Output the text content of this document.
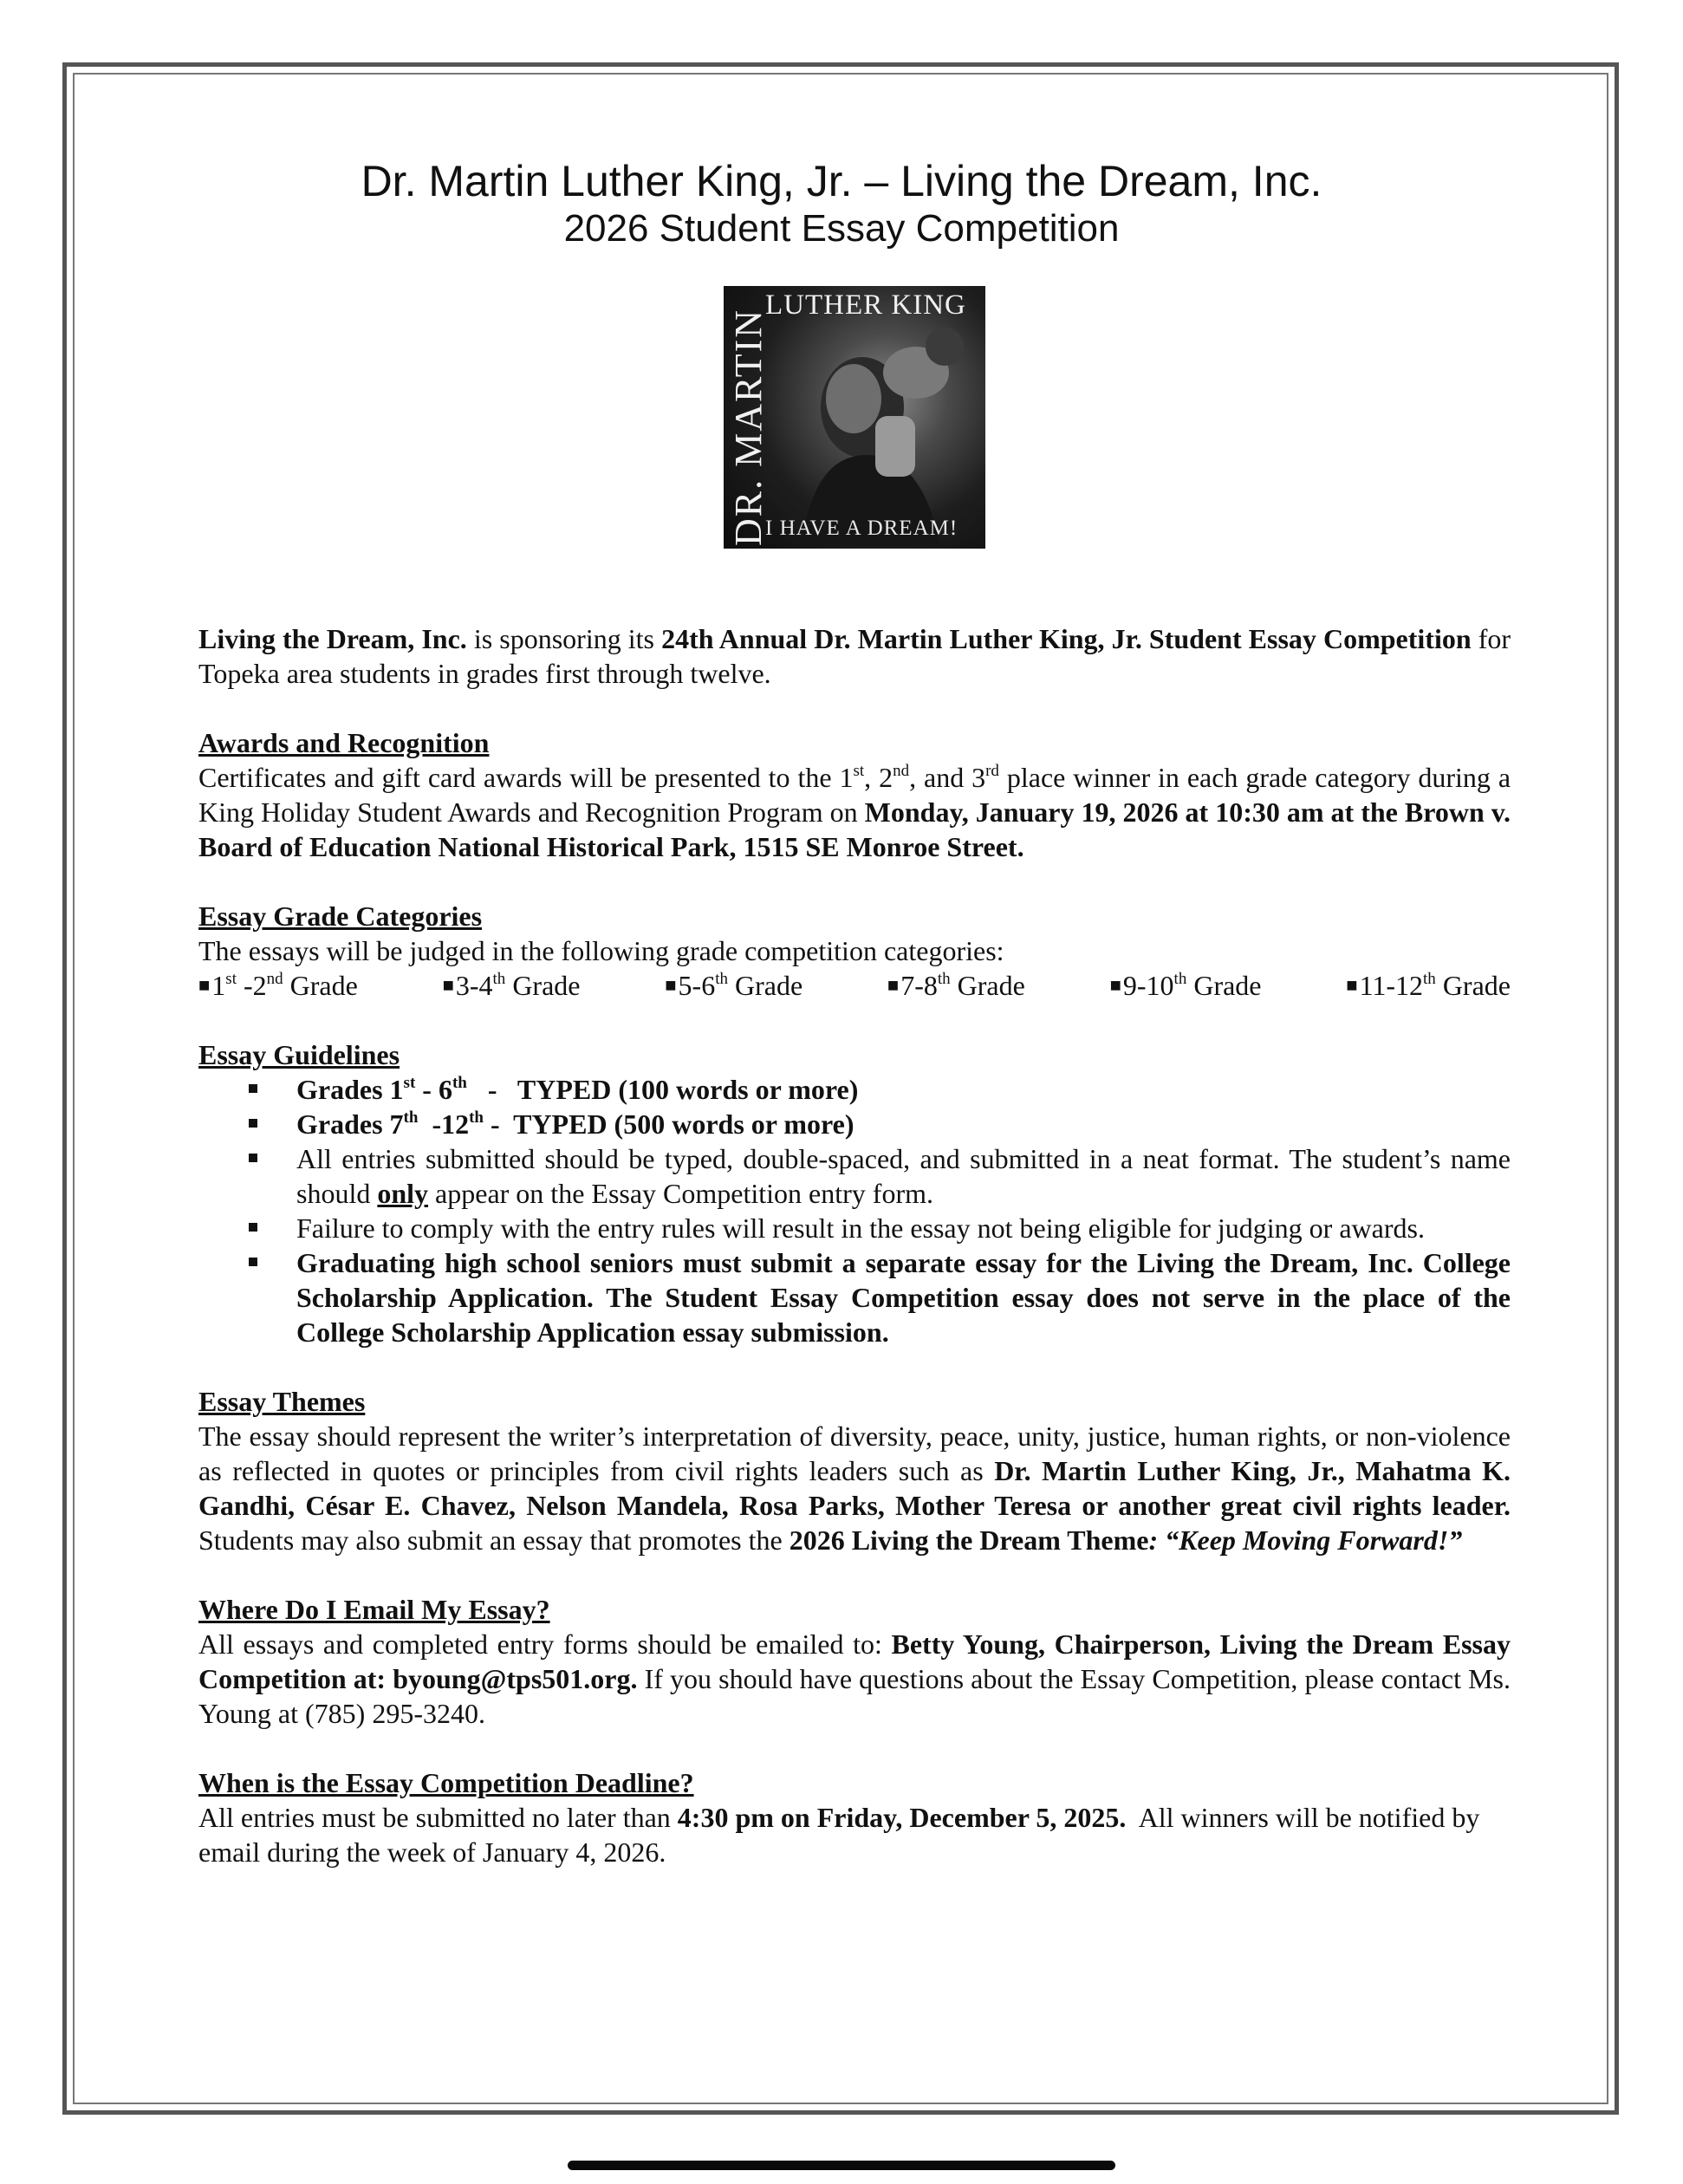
Dr. Martin Luther King, Jr. – Living the Dream, Inc.
2026 Student Essay Competition
LUTHER KING
DR. MARTIN
I HAVE A DREAM!

Living the Dream, Inc. is sponsoring its 24th Annual Dr. Martin Luther King, Jr. Student Essay Competition for Topeka area students in grades first through twelve.

Awards and Recognition

Certificates and gift card awards will be presented to the 1st, 2nd, and 3rd place winner in each grade category during a King Holiday Student Awards and Recognition Program on Monday, January 19, 2026 at 10:30 am at the Brown v. Board of Education National Historical Park, 1515 SE Monroe Street.

Essay Grade Categories

The essays will be judged in the following grade competition categories:

■1st -2nd Grade	■3-4th Grade	■5-6th Grade	■7-8th Grade	■9-10th Grade	■11-12th Grade
Essay Guidelines
Grades 1st - 6th   -   TYPED (100 words or more)
Grades 7th  -12th -  TYPED (500 words or more)
All entries submitted should be typed, double-spaced, and submitted in a neat format. The student’s name should only appear on the Essay Competition entry form.
Failure to comply with the entry rules will result in the essay not being eligible for judging or awards.
Graduating high school seniors must submit a separate essay for the Living the Dream, Inc. College Scholarship Application. The Student Essay Competition essay does not serve in the place of the College Scholarship Application essay submission.
Essay Themes

The essay should represent the writer’s interpretation of diversity, peace, unity, justice, human rights, or non-violence as reflected in quotes or principles from civil rights leaders such as Dr. Martin Luther King, Jr., Mahatma K. Gandhi, César E. Chavez, Nelson Mandela, Rosa Parks, Mother Teresa or another great civil rights leader.  Students may also submit an essay that promotes the 2026 Living the Dream Theme: “Keep Moving Forward!”

Where Do I Email My Essay?

All essays and completed entry forms should be emailed to: Betty Young, Chairperson, Living the Dream Essay Competition at: byoung@tps501.org. If you should have questions about the Essay Competition, please contact Ms. Young at (785) 295-3240.

When is the Essay Competition Deadline?

All entries must be submitted no later than 4:30 pm on Friday, December 5, 2025.  All winners will be notified by email during the week of January 4, 2026.
